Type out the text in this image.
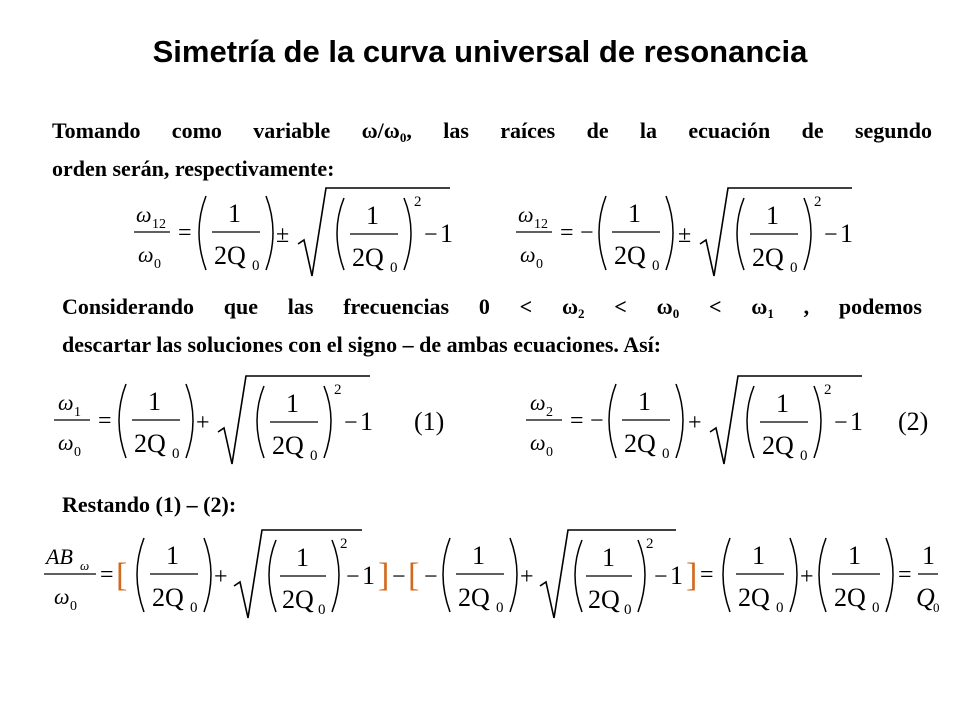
Simetría de la curva universal de resonancia
Tomando como variable $\omega/\omega_0$, las raíces de la ecuación de segundo
orden serán, respectivamente:
ω 12
ω 0
=
1
2Q 0
±
1
2Q 0
2
− 1
ω 12
ω 0
= −
1
2Q 0
±
1
2Q 0
2
− 1
Considerando que las frecuencias $0 < \omega_2 < \omega_0 < \omega_1$ , podemos
descartar las soluciones con el signo – de ambas ecuaciones. Así:
ω 1
ω 0
=
1
2Q 0
+
1
2Q 0
2
− 1 (1)
ω 2
ω 0
= −
1
2Q 0
+
1
2Q 0
2
− 1 (2)
Restando (1) – (2):
AB ω
ω 0
= [
1
2Q 0
+
1
2Q 0
2
− 1 ] − [ −
1
2Q 0
+
1
2Q 0
2
− 1 ] =
1
2Q 0
+
1
2Q 0
=
1
Q
0
